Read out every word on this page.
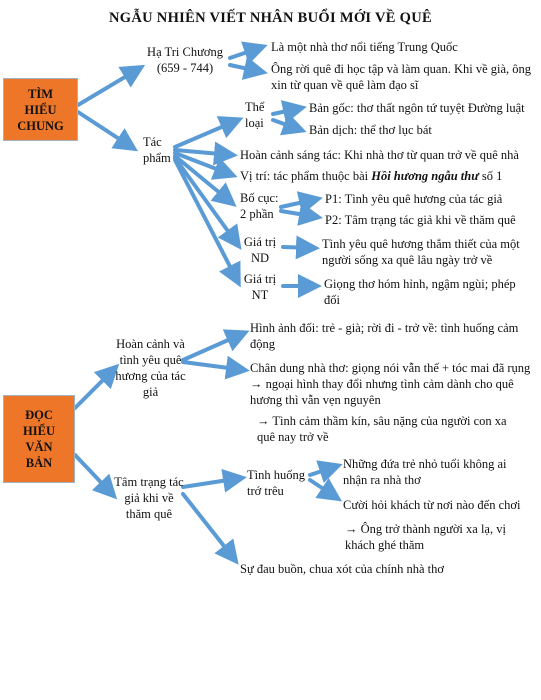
NGẪU NHIÊN VIẾT NHÂN BUỔI MỚI VỀ QUÊ
TÌM
HIỂU
CHUNG
ĐỌC
HIỂU
VĂN
BẢN
Hạ Tri Chương
(659 - 744)
Là một nhà thơ nổi tiếng Trung Quốc
Ông rời quê đi học tập và làm quan. Khi về già, ông xin từ quan về quê làm đạo sĩ
Tác phẩm
Thể loại
Bản gốc: thơ thất ngôn tứ tuyệt Đường luật
Bản dịch: thể thơ lục bát
Hoàn cảnh sáng tác: Khi nhà thơ từ quan trở về quê nhà
Vị trí: tác phẩm thuộc bài Hồi hương ngẫu thư số 1
Bố cục: 2 phần
P1: Tình yêu quê hương của tác giả
P2: Tâm trạng tác giả khi về thăm quê
Giá trị ND
Tình yêu quê hương thắm thiết của một người sống xa quê lâu ngày trở về
Giá trị NT
Giọng thơ hóm hỉnh, ngậm ngùi; phép đối
Hoàn cảnh và tình yêu quê hương của tác giả
Hình ảnh đối: trẻ - già; rời đi - trở về: tình huống cảm động
Chân dung nhà thơ: giọng nói vẫn thế + tóc mai đã rụng → ngoại hình thay đổi nhưng tình cảm dành cho quê hương thì vẫn vẹn nguyên
→ Tình cảm thầm kín, sâu nặng của người con xa quê nay trở về
Tâm trạng tác giả khi về thăm quê
Tình huống trớ trêu
Những đứa trẻ nhỏ tuổi không ai nhận ra nhà thơ
Cười hỏi khách từ nơi nào đến chơi
→ Ông trở thành người xa lạ, vị khách ghé thăm
Sự đau buồn, chua xót của chính nhà thơ
